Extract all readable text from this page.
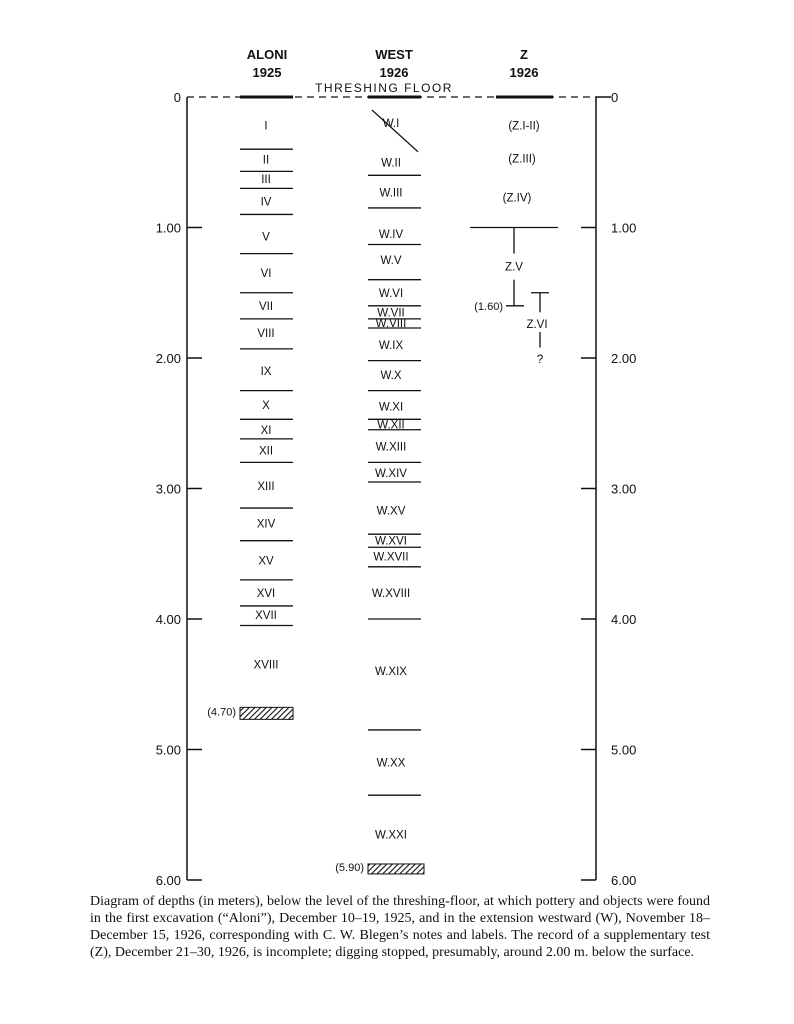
ALONI
1925
WEST
1926
Z
1926
THRESHING FLOOR
0
1.00
2.00
3.00
4.00
5.00
6.00
0
1.00
2.00
3.00
4.00
5.00
6.00
I
II
III
IV
V
VI
VII
VIII
IX
X
XI
XII
XIII
XIV
XV
XVI
XVII
XVIII
(4.70)
W.I
W.II
W.III
W.IV
W.V
W.VI
W.VII
W.VIII
W.IX
W.X
W.XI
W.XII
W.XIII
W.XIV
W.XV
W.XVI
W.XVII
W.XVIII
W.XIX
W.XX
W.XXI
(5.90)
(Z.I-II)
(Z.III)
(Z.IV)
Z.V
(1.60)
Z.VI
?

Diagram of depths (in meters), below the level of the threshing-floor, at which pottery and objects were found in the first excavation (“Aloni”), December 10–19, 1925, and in the extension westward (W), November 18–December 15, 1926, corresponding with C. W. Blegen’s notes and labels. The record of a supplementary test (Z), December 21–30, 1926, is incomplete; digging stopped, presumably, around 2.00 m. below the surface.
